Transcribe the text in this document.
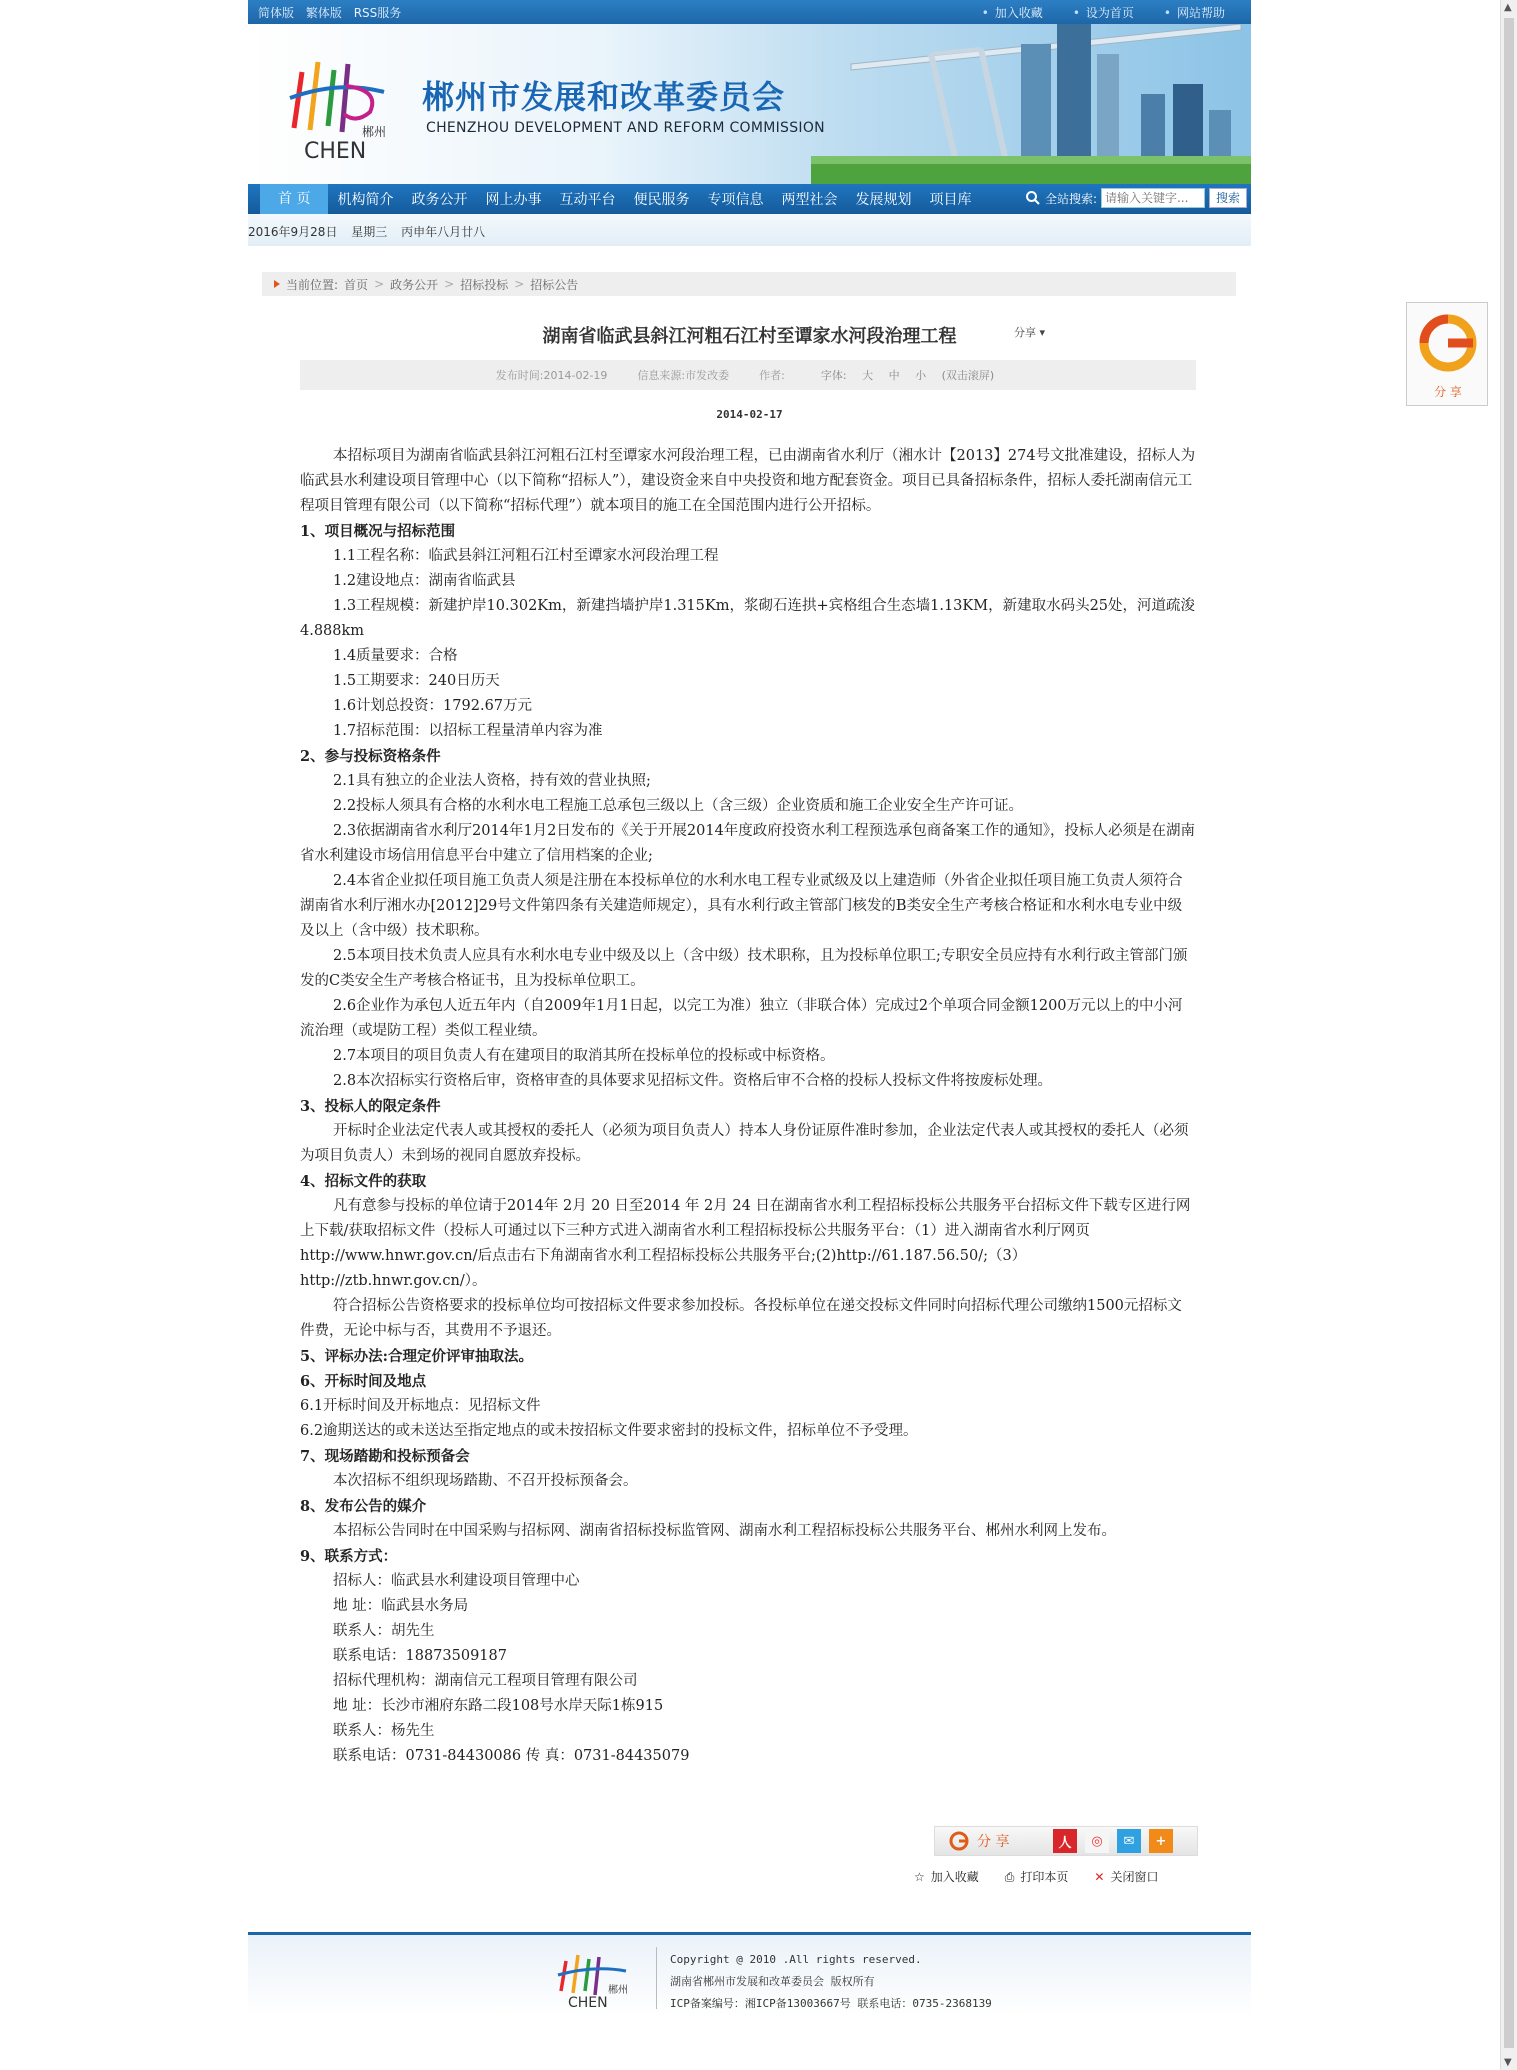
简体版 繁体版 RSS服务	• 加入收藏	• 设为首页	• 网站帮助
郴州
CHEN
郴州市发展和改革委员会
CHENZHOU DEVELOPMENT AND REFORM COMMISSION
首 页	机构简介	政务公开	网上办事	互动平台	便民服务	专项信息	两型社会	发展规划	项目库	全站搜索:
请输入关键字...	搜索
2016年9月28日 星期三 丙申年八月廿八
当前位置: 首页 > 政务公开 > 招标投标 > 招标公告
湖南省临武县斜江河粗石江村至谭家水河段治理工程	分享 ▾
发布时间:2014-02-19	信息来源:市发改委	作者:	字体: 大 中 小 (双击滚屏)
2014-02-17

本招标项目为湖南省临武县斜江河粗石江村至谭家水河段治理工程，已由湖南省水利厅（湘水计【2013】274号文批准建设，招标人为临武县水利建设项目管理中心（以下简称“招标人”），建设资金来自中央投资和地方配套资金。项目已具备招标条件，招标人委托湖南信元工程项目管理有限公司（以下简称“招标代理”）就本项目的施工在全国范围内进行公开招标。

1、项目概况与招标范围

1.1工程名称：临武县斜江河粗石江村至谭家水河段治理工程

1.2建设地点：湖南省临武县

1.3工程规模：新建护岸10.302Km，新建挡墙护岸1.315Km，浆砌石连拱+宾格组合生态墙1.13KM，新建取水码头25处，河道疏浚4.888km

1.4质量要求：合格

1.5工期要求：240日历天

1.6计划总投资：1792.67万元

1.7招标范围：以招标工程量清单内容为准

2、参与投标资格条件

2.1具有独立的企业法人资格，持有效的营业执照;

2.2投标人须具有合格的水利水电工程施工总承包三级以上（含三级）企业资质和施工企业安全生产许可证。

2.3依据湖南省水利厅2014年1月2日发布的《关于开展2014年度政府投资水利工程预选承包商备案工作的通知》，投标人必须是在湖南省水利建设市场信用信息平台中建立了信用档案的企业;

2.4本省企业拟任项目施工负责人须是注册在本投标单位的水利水电工程专业贰级及以上建造师（外省企业拟任项目施工负责人须符合湖南省水利厅湘水办[2012]29号文件第四条有关建造师规定），具有水利行政主管部门核发的B类安全生产考核合格证和水利水电专业中级及以上（含中级）技术职称。

2.5本项目技术负责人应具有水利水电专业中级及以上（含中级）技术职称，且为投标单位职工;专职安全员应持有水利行政主管部门颁发的C类安全生产考核合格证书，且为投标单位职工。

2.6企业作为承包人近五年内（自2009年1月1日起，以完工为准）独立（非联合体）完成过2个单项合同金额1200万元以上的中小河流治理（或堤防工程）类似工程业绩。

2.7本项目的项目负责人有在建项目的取消其所在投标单位的投标或中标资格。

2.8本次招标实行资格后审，资格审查的具体要求见招标文件。资格后审不合格的投标人投标文件将按废标处理。

3、投标人的限定条件

开标时企业法定代表人或其授权的委托人（必须为项目负责人）持本人身份证原件准时参加，企业法定代表人或其授权的委托人（必须为项目负责人）未到场的视同自愿放弃投标。

4、招标文件的获取

凡有意参与投标的单位请于2014年 2月 20 日至2014 年 2月 24 日在湖南省水利工程招标投标公共服务平台招标文件下载专区进行网上下载/获取招标文件（投标人可通过以下三种方式进入湖南省水利工程招标投标公共服务平台：（1）进入湖南省水利厅网页http://www.hnwr.gov.cn/后点击右下角湖南省水利工程招标投标公共服务平台;(2)http://61.187.56.50/;（3）http://ztb.hnwr.gov.cn/）。

符合招标公告资格要求的投标单位均可按招标文件要求参加投标。各投标单位在递交投标文件同时向招标代理公司缴纳1500元招标文件费，无论中标与否，其费用不予退还。

5、评标办法:合理定价评审抽取法。

6、开标时间及地点

6.1开标时间及开标地点：见招标文件

6.2逾期送达的或未送达至指定地点的或未按招标文件要求密封的投标文件，招标单位不予受理。

7、现场踏勘和投标预备会

本次招标不组织现场踏勘、不召开投标预备会。

8、发布公告的媒介

本招标公告同时在中国采购与招标网、湖南省招标投标监管网、湖南水利工程招标投标公共服务平台、郴州水利网上发布。

9、联系方式：

招标人：临武县水利建设项目管理中心

地 址：临武县水务局

联系人：胡先生

联系电话：18873509187

招标代理机构：湖南信元工程项目管理有限公司

地 址：长沙市湘府东路二段108号水岸天际1栋915

联系人：杨先生

联系电话：0731-84430086 传 真：0731-84435079

分 享	人	◎	✉	+
☆ 加入收藏 ⎙ 打印本页 ✕ 关闭窗口
郴州
CHEN
Copyright @ 2010 .All rights reserved.
湖南省郴州市发展和改革委员会 版权所有
ICP备案编号：湘ICP备13003667号 联系电话：0735-2368139
分 享
▲
▼
